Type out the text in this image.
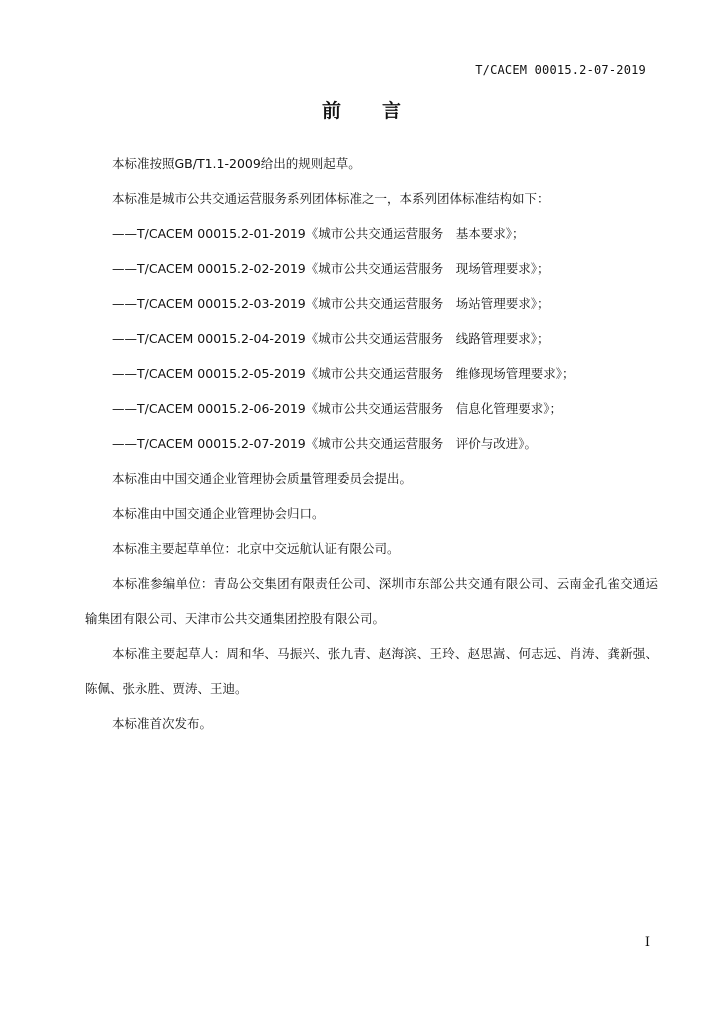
T/CACEM 00015.2-07-2019
前　　言

本标准按照GB/T1.1-2009给出的规则起草。

本标准是城市公共交通运营服务系列团体标准之一，本系列团体标准结构如下：

——T/CACEM 00015.2-01-2019《城市公共交通运营服务　基本要求》；

——T/CACEM 00015.2-02-2019《城市公共交通运营服务　现场管理要求》；

——T/CACEM 00015.2-03-2019《城市公共交通运营服务　场站管理要求》；

——T/CACEM 00015.2-04-2019《城市公共交通运营服务　线路管理要求》；

——T/CACEM 00015.2-05-2019《城市公共交通运营服务　维修现场管理要求》；

——T/CACEM 00015.2-06-2019《城市公共交通运营服务　信息化管理要求》；

——T/CACEM 00015.2-07-2019《城市公共交通运营服务　评价与改进》。

本标准由中国交通企业管理协会质量管理委员会提出。

本标准由中国交通企业管理协会归口。

本标准主要起草单位：北京中交远航认证有限公司。

本标准参编单位：青岛公交集团有限责任公司、深圳市东部公共交通有限公司、云南金孔雀交通运输集团有限公司、天津市公共交通集团控股有限公司。

本标准主要起草人：周和华、马振兴、张九青、赵海滨、王玲、赵思嵩、何志远、肖涛、龚新强、陈佩、张永胜、贾涛、王迪。

本标准首次发布。

I
